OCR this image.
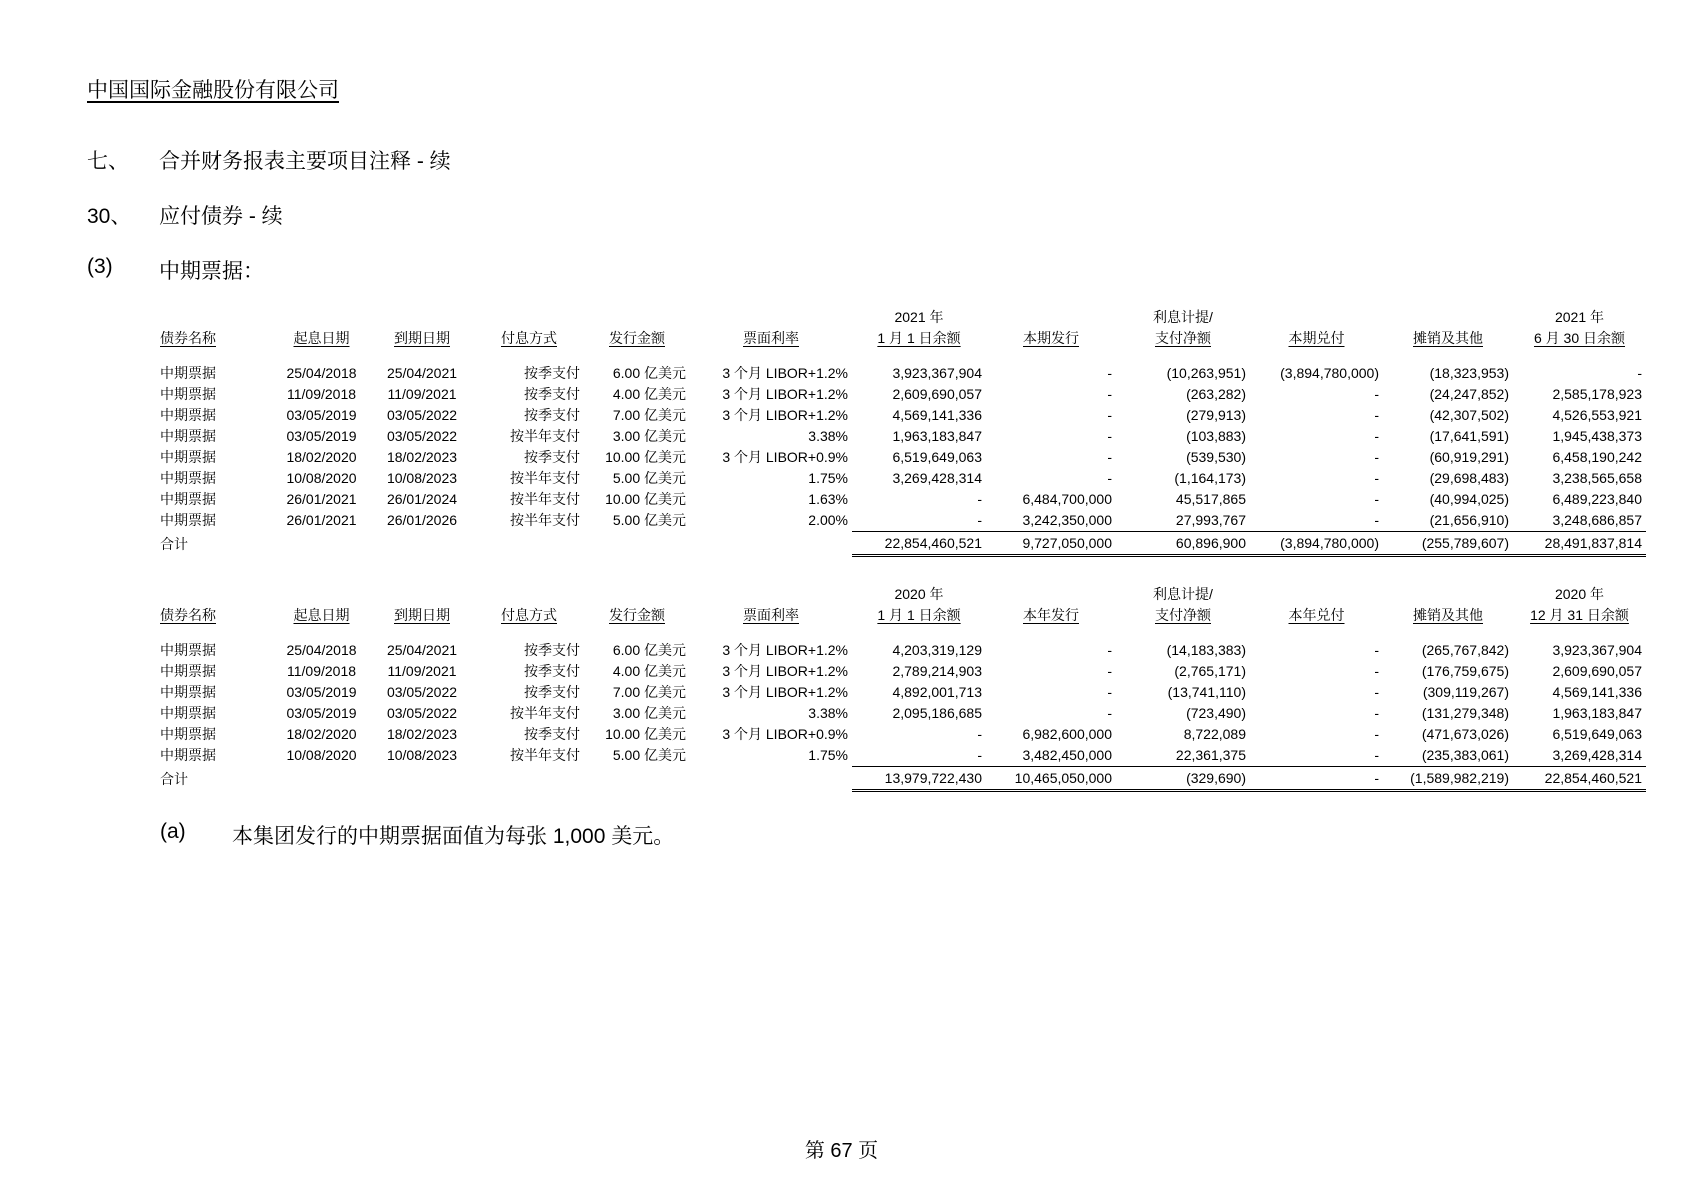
中国国际金融股份有限公司
七、 合并财务报表主要项目注释 - 续
30、 应付债券 - 续
(3) 中期票据：
						2021 年		利息计提/			2021 年
债券名称	起息日期	到期日期	付息方式	发行金额	票面利率	1 月 1 日余额	本期发行	支付净额	本期兑付	摊销及其他	6 月 30 日余额

中期票据	25/04/2018	25/04/2021	按季支付	6.00 亿美元	3 个月 LIBOR+1.2%	3,923,367,904	-	(10,263,951)	(3,894,780,000)	(18,323,953)	-
中期票据	11/09/2018	11/09/2021	按季支付	4.00 亿美元	3 个月 LIBOR+1.2%	2,609,690,057	-	(263,282)	-	(24,247,852)	2,585,178,923
中期票据	03/05/2019	03/05/2022	按季支付	7.00 亿美元	3 个月 LIBOR+1.2%	4,569,141,336	-	(279,913)	-	(42,307,502)	4,526,553,921
中期票据	03/05/2019	03/05/2022	按半年支付	3.00 亿美元	3.38%	1,963,183,847	-	(103,883)	-	(17,641,591)	1,945,438,373
中期票据	18/02/2020	18/02/2023	按季支付	10.00 亿美元	3 个月 LIBOR+0.9%	6,519,649,063	-	(539,530)	-	(60,919,291)	6,458,190,242
中期票据	10/08/2020	10/08/2023	按半年支付	5.00 亿美元	1.75%	3,269,428,314	-	(1,164,173)	-	(29,698,483)	3,238,565,658
中期票据	26/01/2021	26/01/2024	按半年支付	10.00 亿美元	1.63%	-	6,484,700,000	45,517,865	-	(40,994,025)	6,489,223,840
中期票据	26/01/2021	26/01/2026	按半年支付	5.00 亿美元	2.00%	-	3,242,350,000	27,993,767	-	(21,656,910)	3,248,686,857
合计						22,854,460,521	9,727,050,000	60,896,900	(3,894,780,000)	(255,789,607)	28,491,837,814
						2020 年		利息计提/			2020 年
债券名称	起息日期	到期日期	付息方式	发行金额	票面利率	1 月 1 日余额	本年发行	支付净额	本年兑付	摊销及其他	12 月 31 日余额

中期票据	25/04/2018	25/04/2021	按季支付	6.00 亿美元	3 个月 LIBOR+1.2%	4,203,319,129	-	(14,183,383)	-	(265,767,842)	3,923,367,904
中期票据	11/09/2018	11/09/2021	按季支付	4.00 亿美元	3 个月 LIBOR+1.2%	2,789,214,903	-	(2,765,171)	-	(176,759,675)	2,609,690,057
中期票据	03/05/2019	03/05/2022	按季支付	7.00 亿美元	3 个月 LIBOR+1.2%	4,892,001,713	-	(13,741,110)	-	(309,119,267)	4,569,141,336
中期票据	03/05/2019	03/05/2022	按半年支付	3.00 亿美元	3.38%	2,095,186,685	-	(723,490)	-	(131,279,348)	1,963,183,847
中期票据	18/02/2020	18/02/2023	按季支付	10.00 亿美元	3 个月 LIBOR+0.9%	-	6,982,600,000	8,722,089	-	(471,673,026)	6,519,649,063
中期票据	10/08/2020	10/08/2023	按半年支付	5.00 亿美元	1.75%	-	3,482,450,000	22,361,375	-	(235,383,061)	3,269,428,314
合计						13,979,722,430	10,465,050,000	(329,690)	-	(1,589,982,219)	22,854,460,521
(a) 本集团发行的中期票据面值为每张 1,000 美元。
第 67 页
